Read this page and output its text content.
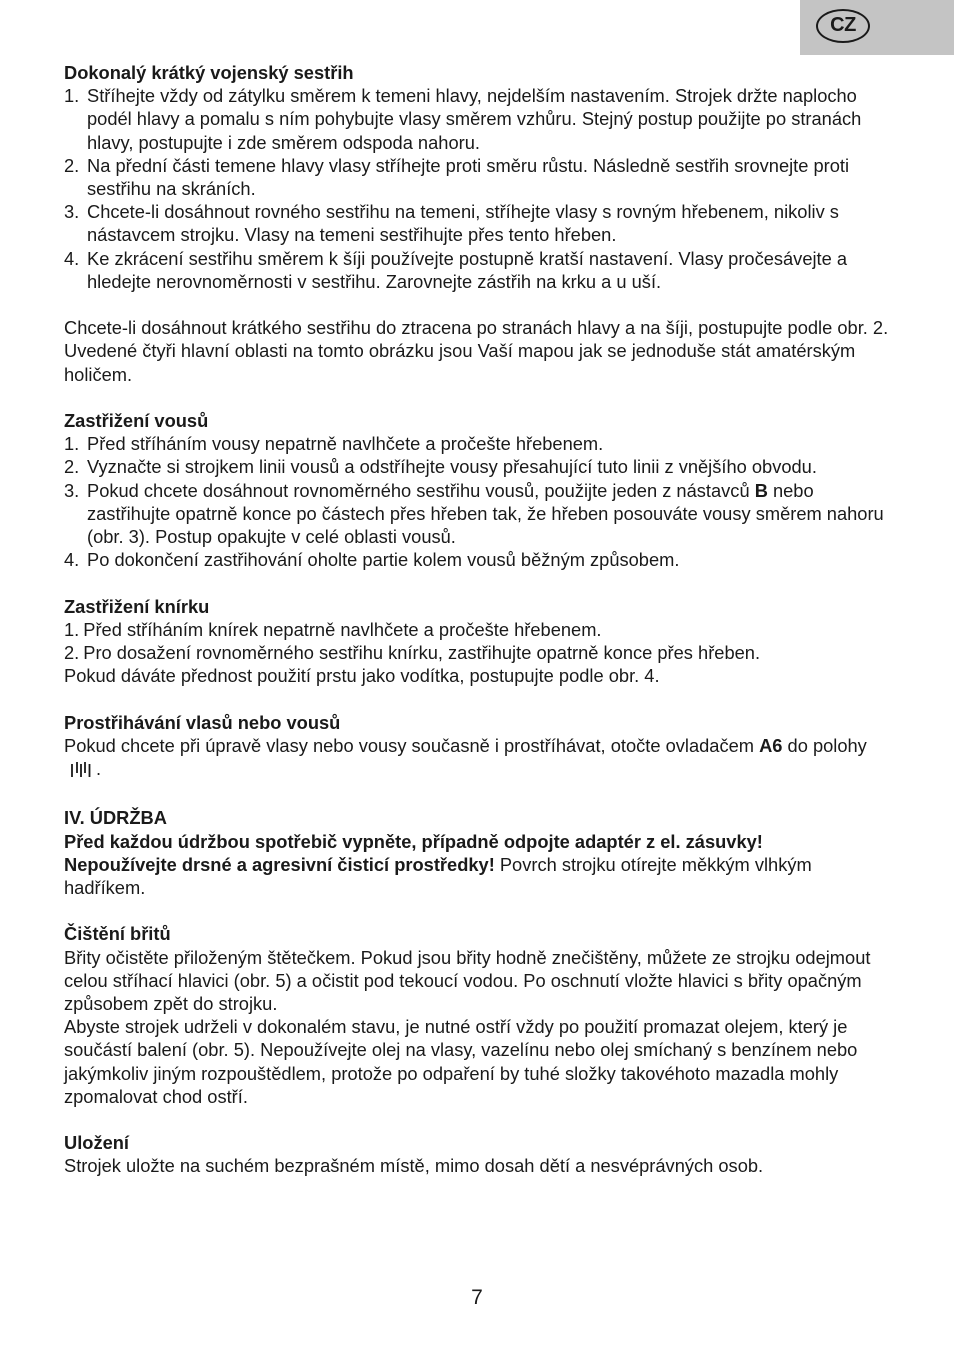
CZ

Dokonalý krátký vojenský sestřih

1. Stříhejte vždy od zátylku směrem k temeni hlavy, nejdelším nastavením. Strojek držte naplocho podél hlavy a pomalu s ním pohybujte vlasy směrem vzhůru. Stejný postup použijte po stranách hlavy, postupujte i zde směrem odspoda nahoru.
2. Na přední části temene hlavy vlasy stříhejte proti směru růstu. Následně sestřih srovnejte proti sestřihu na skráních.
3. Chcete-li dosáhnout rovného sestřihu na temeni, stříhejte vlasy s rovným hřebenem, nikoliv s nástavcem strojku. Vlasy na temeni sestřihujte přes tento hřeben.
4. Ke zkrácení sestřihu směrem k šíji používejte postupně kratší nastavení. Vlasy pročesávejte a hledejte nerovnoměrnosti v sestřihu. Zarovnejte zástřih na krku a u uší.

Chcete-li dosáhnout krátkého sestřihu do ztracena po stranách hlavy a na šíji, postupujte podle obr. 2. Uvedené čtyři hlavní oblasti na tomto obrázku jsou Vaší mapou jak se jednoduše stát amatérským holičem.

Zastřižení vousů

1. Před stříháním vousy nepatrně navlhčete a pročešte hřebenem.
2. Vyznačte si strojkem linii vousů a odstříhejte vousy přesahující tuto linii z vnějšího obvodu.
3. Pokud chcete dosáhnout rovnoměrného sestřihu vousů, použijte jeden z nástavců B nebo zastřihujte opatrně konce po částech přes hřeben tak, že hřeben posouváte vousy směrem nahoru (obr. 3). Postup opakujte v celé oblasti vousů.
4. Po dokončení zastřihování oholte partie kolem vousů běžným způsobem.

Zastřižení knírku

1. Před stříháním knírek nepatrně navlhčete a pročešte hřebenem.
2. Pro dosažení rovnoměrného sestřihu knírku, zastřihujte opatrně konce přes hřeben.

Pokud dáváte přednost použití prstu jako vodítka, postupujte podle obr. 4.

Prostřihávání vlasů nebo vousů

Pokud chcete při úpravě vlasy nebo vousy současně i prostříhávat, otočte ovladačem A6 do polohy.

IV. ÚDRŽBA

Před každou údržbou spotřebič vypněte, případně odpojte adaptér z el. zásuvky!

Nepoužívejte drsné a agresivní čisticí prostředky! Povrch strojku otírejte měkkým vlhkým hadříkem.

Čištění břitů

Břity očistěte přiloženým štětečkem. Pokud jsou břity hodně znečištěny, můžete ze strojku odejmout celou stříhací hlavici (obr. 5) a očistit pod tekoucí vodou. Po oschnutí vložte hlavici s břity opačným způsobem zpět do strojku.

Abyste strojek udrželi v dokonalém stavu, je nutné ostří vždy po použití promazat olejem, který je součástí balení (obr. 5). Nepoužívejte olej na vlasy, vazelínu nebo olej smíchaný s benzínem nebo jakýmkoliv jiným rozpouštědlem, protože po odpaření by tuhé složky takovéhoto mazadla mohly zpomalovat chod ostří.

Uložení

Strojek uložte na suchém bezprašném místě, mimo dosah dětí a nesvéprávných osob.

7
